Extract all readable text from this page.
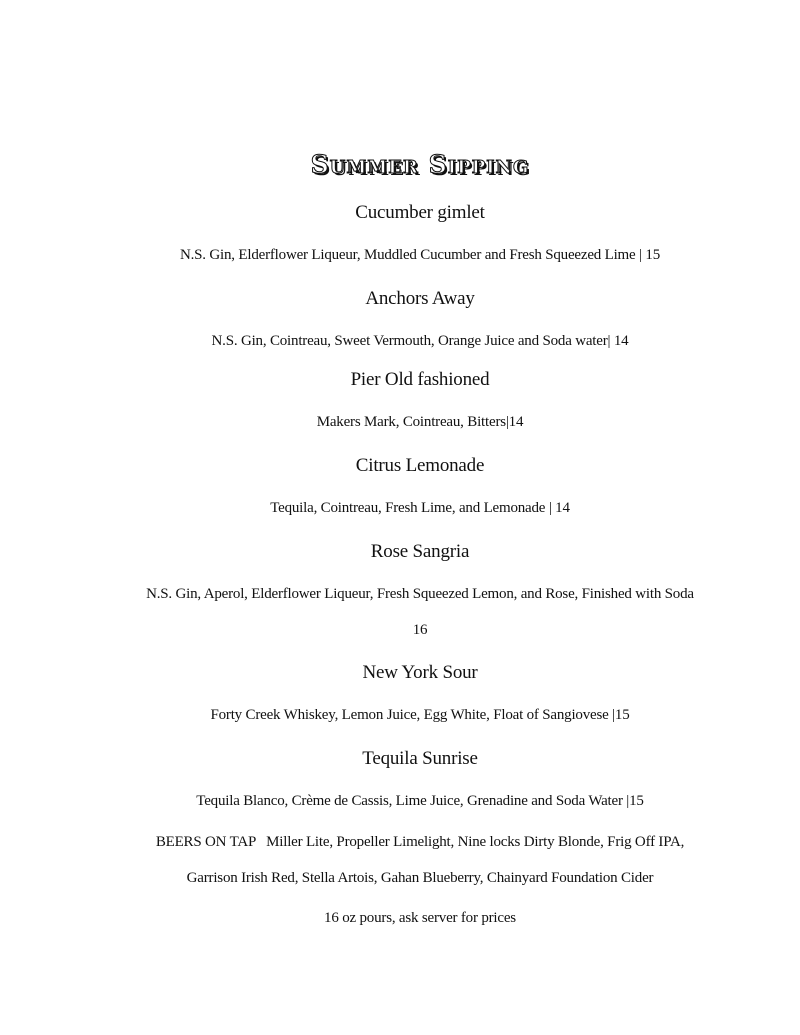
Summer Sipping
Cucumber gimlet
N.S. Gin, Elderflower Liqueur, Muddled Cucumber and Fresh Squeezed Lime | 15
Anchors Away
N.S. Gin, Cointreau, Sweet Vermouth, Orange Juice and Soda water| 14
Pier Old fashioned
Makers Mark, Cointreau, Bitters|14
Citrus Lemonade
Tequila, Cointreau, Fresh Lime, and Lemonade | 14
Rose Sangria
N.S. Gin, Aperol, Elderflower Liqueur, Fresh Squeezed Lemon, and Rose, Finished with Soda
16
New York Sour
Forty Creek Whiskey, Lemon Juice, Egg White, Float of Sangiovese |15
Tequila Sunrise
Tequila Blanco, Crème de Cassis, Lime Juice, Grenadine and Soda Water |15
BEERS ON TAP Miller Lite, Propeller Limelight, Nine locks Dirty Blonde, Frig Off IPA,
Garrison Irish Red, Stella Artois, Gahan Blueberry, Chainyard Foundation Cider
16 oz pours, ask server for prices
